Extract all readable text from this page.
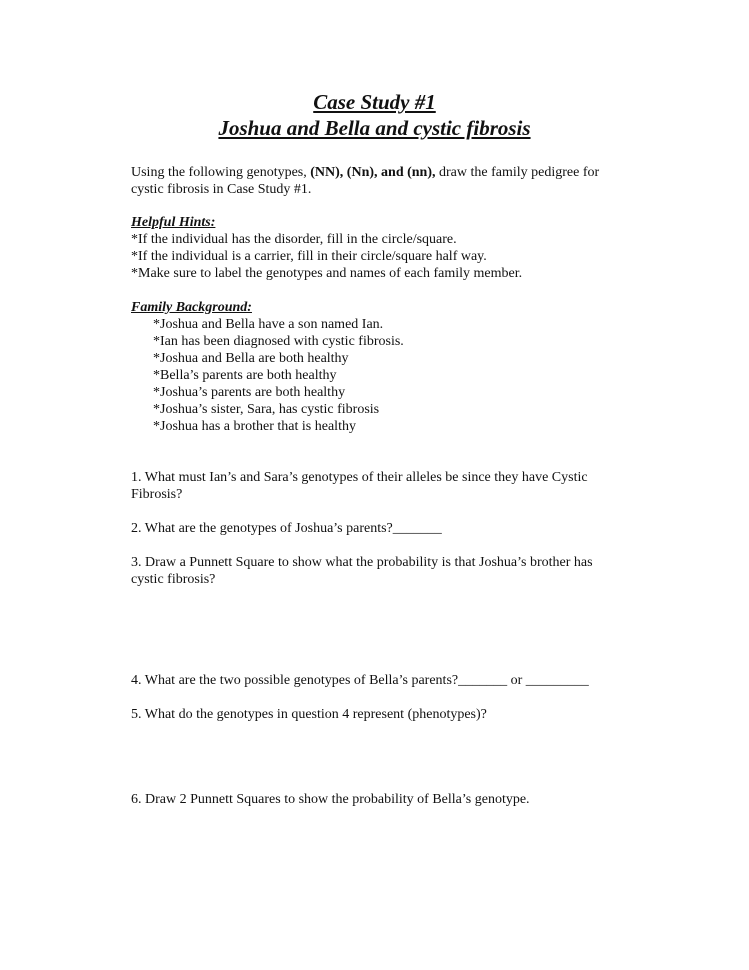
Case Study #1
Joshua and Bella and cystic fibrosis
Using the following genotypes, (NN), (Nn), and (nn), draw the family pedigree for
cystic fibrosis in Case Study #1.
Helpful Hints:
*If the individual has the disorder, fill in the circle/square.
*If the individual is a carrier, fill in their circle/square half way.
*Make sure to label the genotypes and names of each family member.
Family Background:
*Joshua and Bella have a son named Ian.
*Ian has been diagnosed with cystic fibrosis.
*Joshua and Bella are both healthy
*Bella’s parents are both healthy
*Joshua’s parents are both healthy
*Joshua’s sister, Sara, has cystic fibrosis
*Joshua has a brother that is healthy
1. What must Ian’s and Sara’s genotypes of their alleles be since they have Cystic
Fibrosis?
2. What are the genotypes of Joshua’s parents?_______
3. Draw a Punnett Square to show what the probability is that Joshua’s brother has
cystic fibrosis?
4. What are the two possible genotypes of Bella’s parents?_______ or _________
5. What do the genotypes in question 4 represent (phenotypes)?
6. Draw 2 Punnett Squares to show the probability of Bella’s genotype.
